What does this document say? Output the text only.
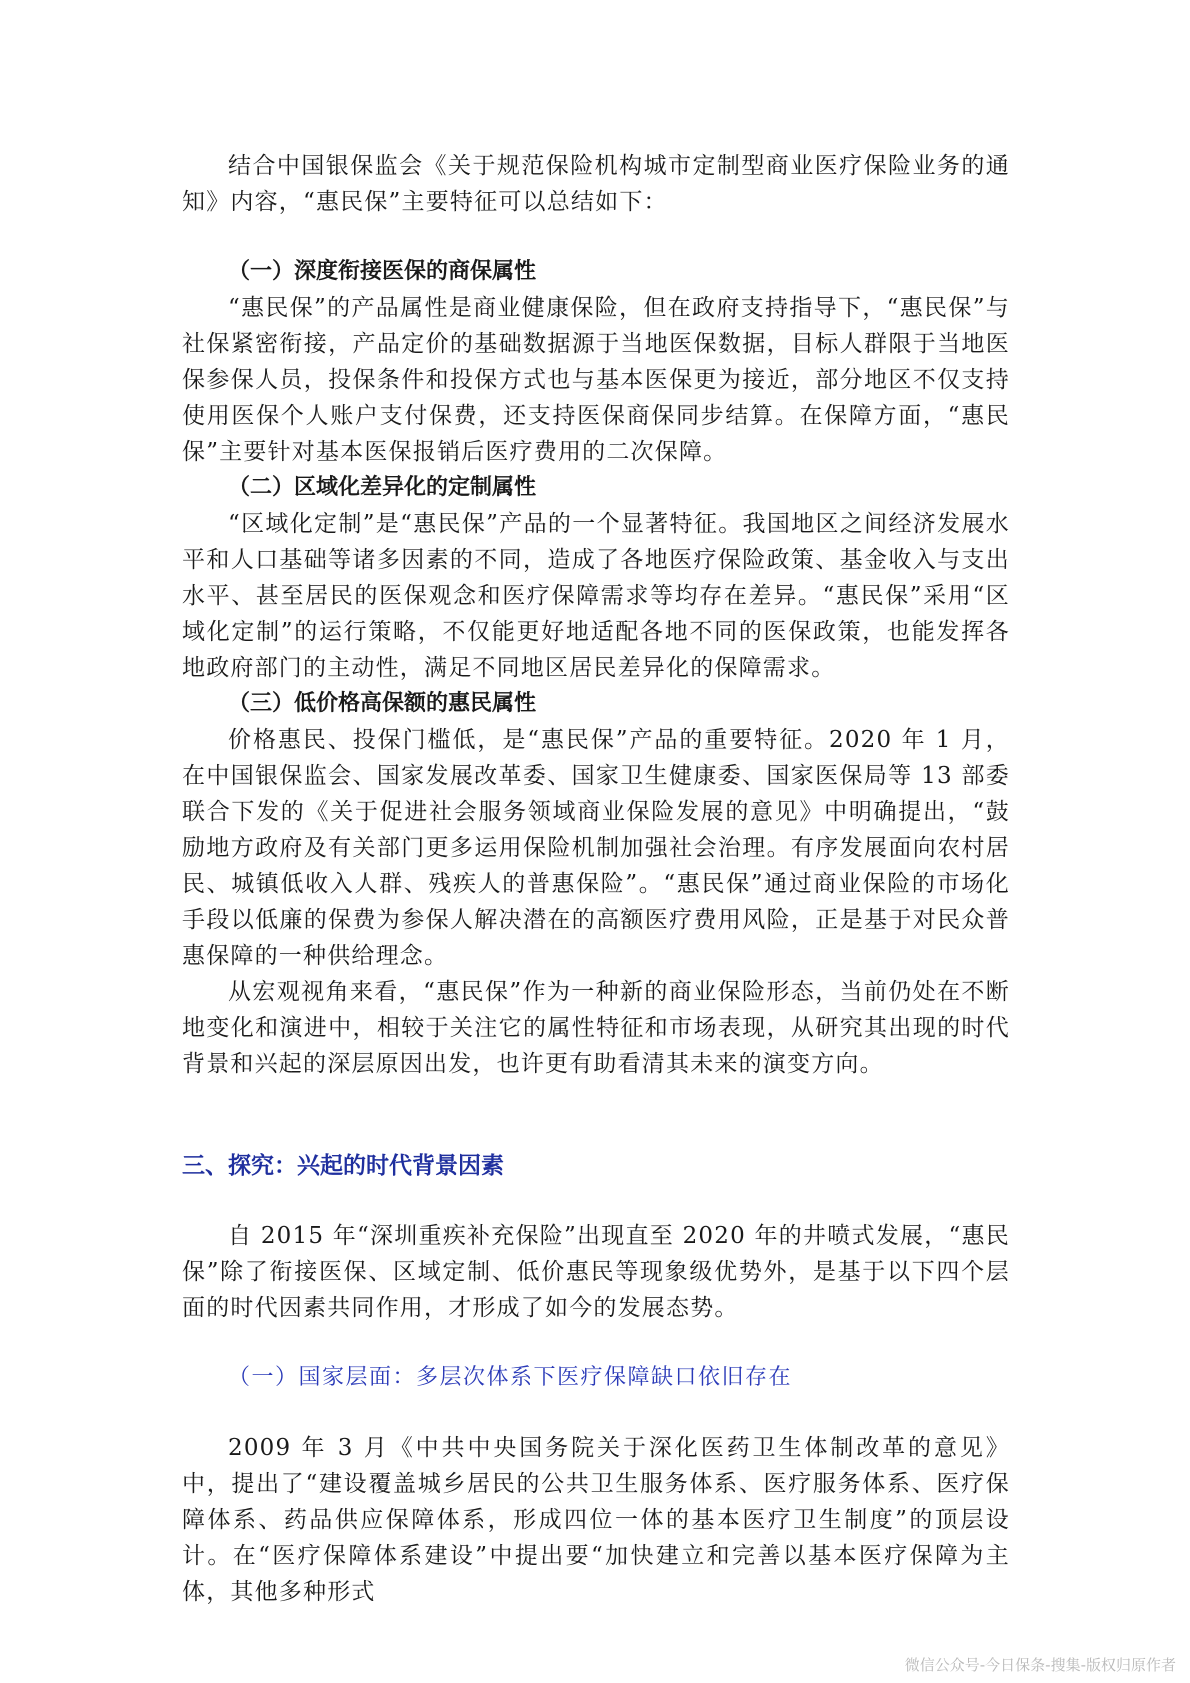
结合中国银保监会《关于规范保险机构城市定制型商业医疗保险业务的通知》内容，“惠民保”主要特征可以总结如下：

（一）深度衔接医保的商保属性

“惠民保”的产品属性是商业健康保险，但在政府支持指导下，“惠民保”与社保紧密衔接，产品定价的基础数据源于当地医保数据，目标人群限于当地医保参保人员，投保条件和投保方式也与基本医保更为接近，部分地区不仅支持使用医保个人账户支付保费，还支持医保商保同步结算。在保障方面，“惠民保”主要针对基本医保报销后医疗费用的二次保障。

（二）区域化差异化的定制属性

“区域化定制”是“惠民保”产品的一个显著特征。我国地区之间经济发展水平和人口基础等诸多因素的不同，造成了各地医疗保险政策、基金收入与支出水平、甚至居民的医保观念和医疗保障需求等均存在差异。“惠民保”采用“区域化定制”的运行策略，不仅能更好地适配各地不同的医保政策，也能发挥各地政府部门的主动性，满足不同地区居民差异化的保障需求。

（三）低价格高保额的惠民属性

价格惠民、投保门槛低，是“惠民保”产品的重要特征。2020 年 1 月，在中国银保监会、国家发展改革委、国家卫生健康委、国家医保局等 13 部委联合下发的《关于促进社会服务领域商业保险发展的意见》中明确提出，“鼓励地方政府及有关部门更多运用保险机制加强社会治理。有序发展面向农村居民、城镇低收入人群、残疾人的普惠保险”。“惠民保”通过商业保险的市场化手段以低廉的保费为参保人解决潜在的高额医疗费用风险，正是基于对民众普惠保障的一种供给理念。

从宏观视角来看，“惠民保”作为一种新的商业保险形态，当前仍处在不断地变化和演进中，相较于关注它的属性特征和市场表现，从研究其出现的时代背景和兴起的深层原因出发，也许更有助看清其未来的演变方向。

三、探究：兴起的时代背景因素

自 2015 年“深圳重疾补充保险”出现直至 2020 年的井喷式发展，“惠民保”除了衔接医保、区域定制、低价惠民等现象级优势外，是基于以下四个层面的时代因素共同作用，才形成了如今的发展态势。

（一）国家层面：多层次体系下医疗保障缺口依旧存在

2009 年 3 月《中共中央国务院关于深化医药卫生体制改革的意见》中，提出了“建设覆盖城乡居民的公共卫生服务体系、医疗服务体系、医疗保障体系、药品供应保障体系，形成四位一体的基本医疗卫生制度”的顶层设计。在“医疗保障体系建设”中提出要“加快建立和完善以基本医疗保障为主体，其他多种形式

微信公众号-今日保条-搜集-版权归原作者
